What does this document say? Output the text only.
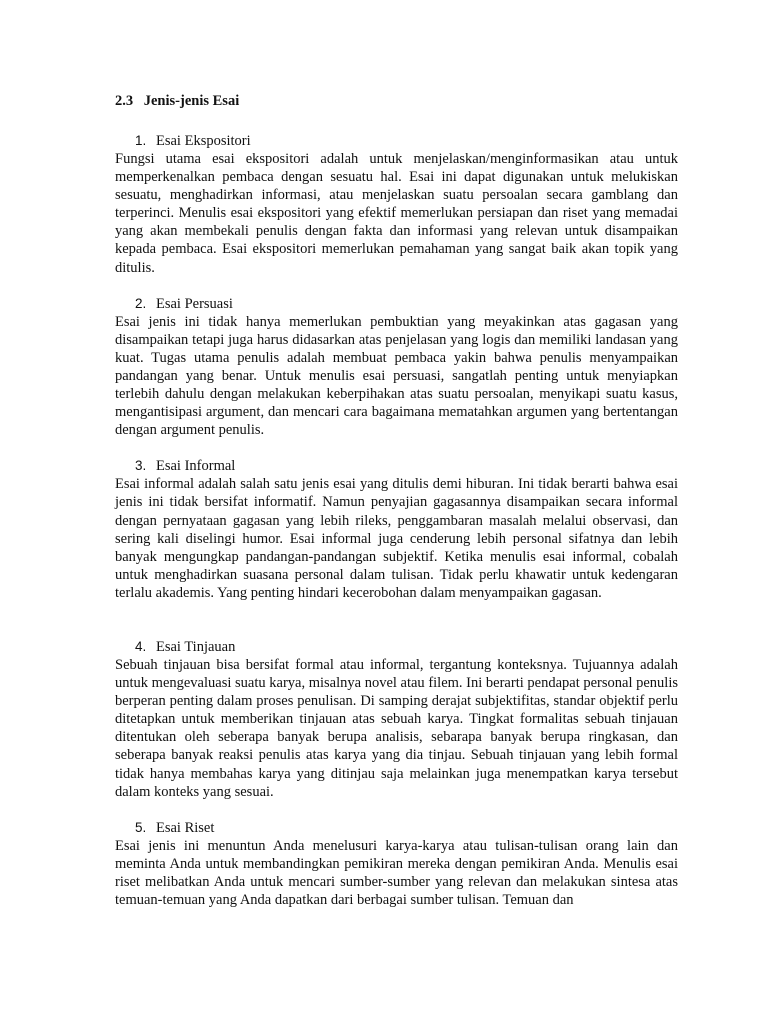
2.3 Jenis-jenis Esai
1. Esai Ekspositori

Fungsi utama esai ekspositori adalah untuk menjelaskan/menginformasikan atau untuk memperkenalkan pembaca dengan sesuatu hal. Esai ini dapat digunakan untuk melukiskan sesuatu, menghadirkan informasi, atau menjelaskan suatu persoalan secara gamblang dan terperinci. Menulis esai ekspositori yang efektif memerlukan persiapan dan riset yang memadai yang akan membekali penulis dengan fakta dan informasi yang relevan untuk disampaikan kepada pembaca. Esai ekspositori memerlukan pemahaman yang sangat baik akan topik yang ditulis.

2. Esai Persuasi

Esai jenis ini tidak hanya memerlukan pembuktian yang meyakinkan atas gagasan yang disampaikan tetapi juga harus didasarkan atas penjelasan yang logis dan memiliki landasan yang kuat. Tugas utama penulis adalah membuat pembaca yakin bahwa penulis menyampaikan pandangan yang benar. Untuk menulis esai persuasi, sangatlah penting untuk menyiapkan terlebih dahulu dengan melakukan keberpihakan atas suatu persoalan, menyikapi suatu kasus, mengantisipasi argument, dan mencari cara bagaimana mematahkan argumen yang bertentangan dengan argument penulis.

3. Esai Informal

Esai informal adalah salah satu jenis esai yang ditulis demi hiburan. Ini tidak berarti bahwa esai jenis ini tidak bersifat informatif. Namun penyajian gagasannya disampaikan secara informal dengan pernyataan gagasan yang lebih rileks, penggambaran masalah melalui observasi, dan sering kali diselingi humor. Esai informal juga cenderung lebih personal sifatnya dan lebih banyak mengungkap pandangan-pandangan subjektif. Ketika menulis esai informal, cobalah untuk menghadirkan suasana personal dalam tulisan. Tidak perlu khawatir untuk kedengaran terlalu akademis. Yang penting hindari kecerobohan dalam menyampaikan gagasan.

4. Esai Tinjauan

Sebuah tinjauan bisa bersifat formal atau informal, tergantung konteksnya. Tujuannya adalah untuk mengevaluasi suatu karya, misalnya novel atau filem. Ini berarti pendapat personal penulis berperan penting dalam proses penulisan. Di samping derajat subjektifitas, standar objektif perlu ditetapkan untuk memberikan tinjauan atas sebuah karya. Tingkat formalitas sebuah tinjauan ditentukan oleh seberapa banyak berupa analisis, sebarapa banyak berupa ringkasan, dan seberapa banyak reaksi penulis atas karya yang dia tinjau. Sebuah tinjauan yang lebih formal tidak hanya membahas karya yang ditinjau saja melainkan juga menempatkan karya tersebut dalam konteks yang sesuai.

5. Esai Riset

Esai jenis ini menuntun Anda menelusuri karya-karya atau tulisan-tulisan orang lain dan meminta Anda untuk membandingkan pemikiran mereka dengan pemikiran Anda. Menulis esai riset melibatkan Anda untuk mencari sumber-sumber yang relevan dan melakukan sintesa atas temuan-temuan yang Anda dapatkan dari berbagai sumber tulisan. Temuan dan
